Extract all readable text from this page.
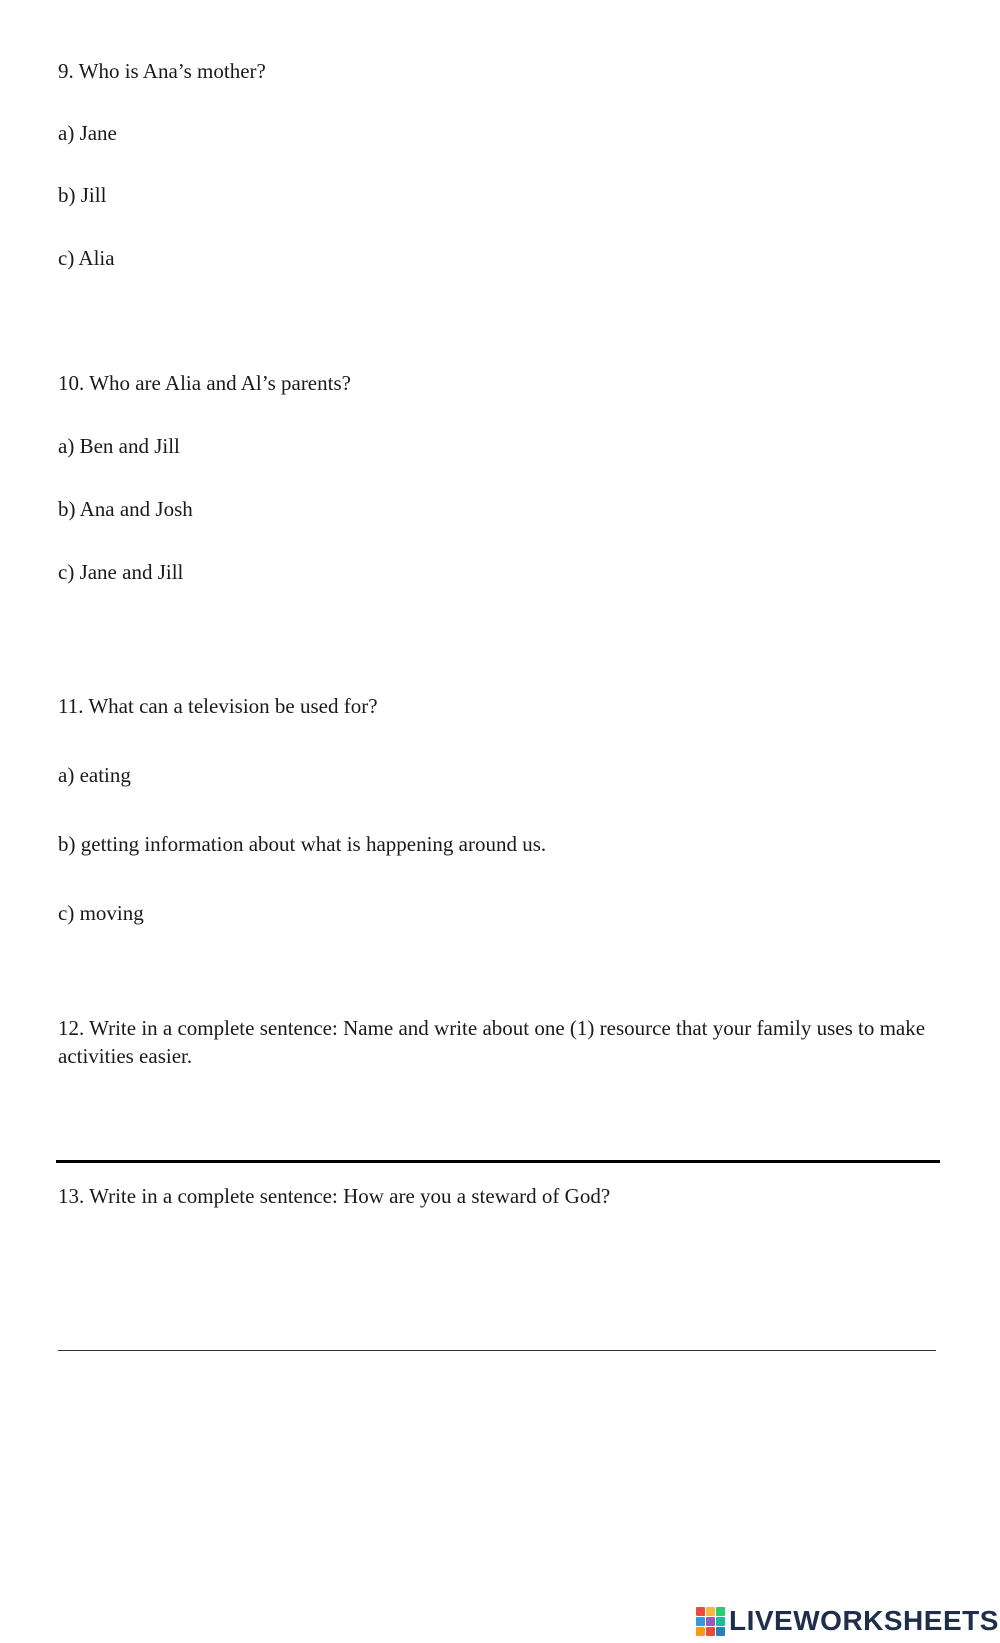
9. Who is Ana’s mother?
a) Jane
b) Jill
c) Alia
10. Who are Alia and Al’s parents?
a) Ben and Jill
b) Ana and Josh
c) Jane and Jill
11. What can a television be used for?
a) eating
b) getting information about what is happening around us.
c) moving
12. Write in a complete sentence: Name and write about one (1) resource that your family uses to make activities easier.
13. Write in a complete sentence: How are you a steward of God?
LIVEWORKSHEETS
